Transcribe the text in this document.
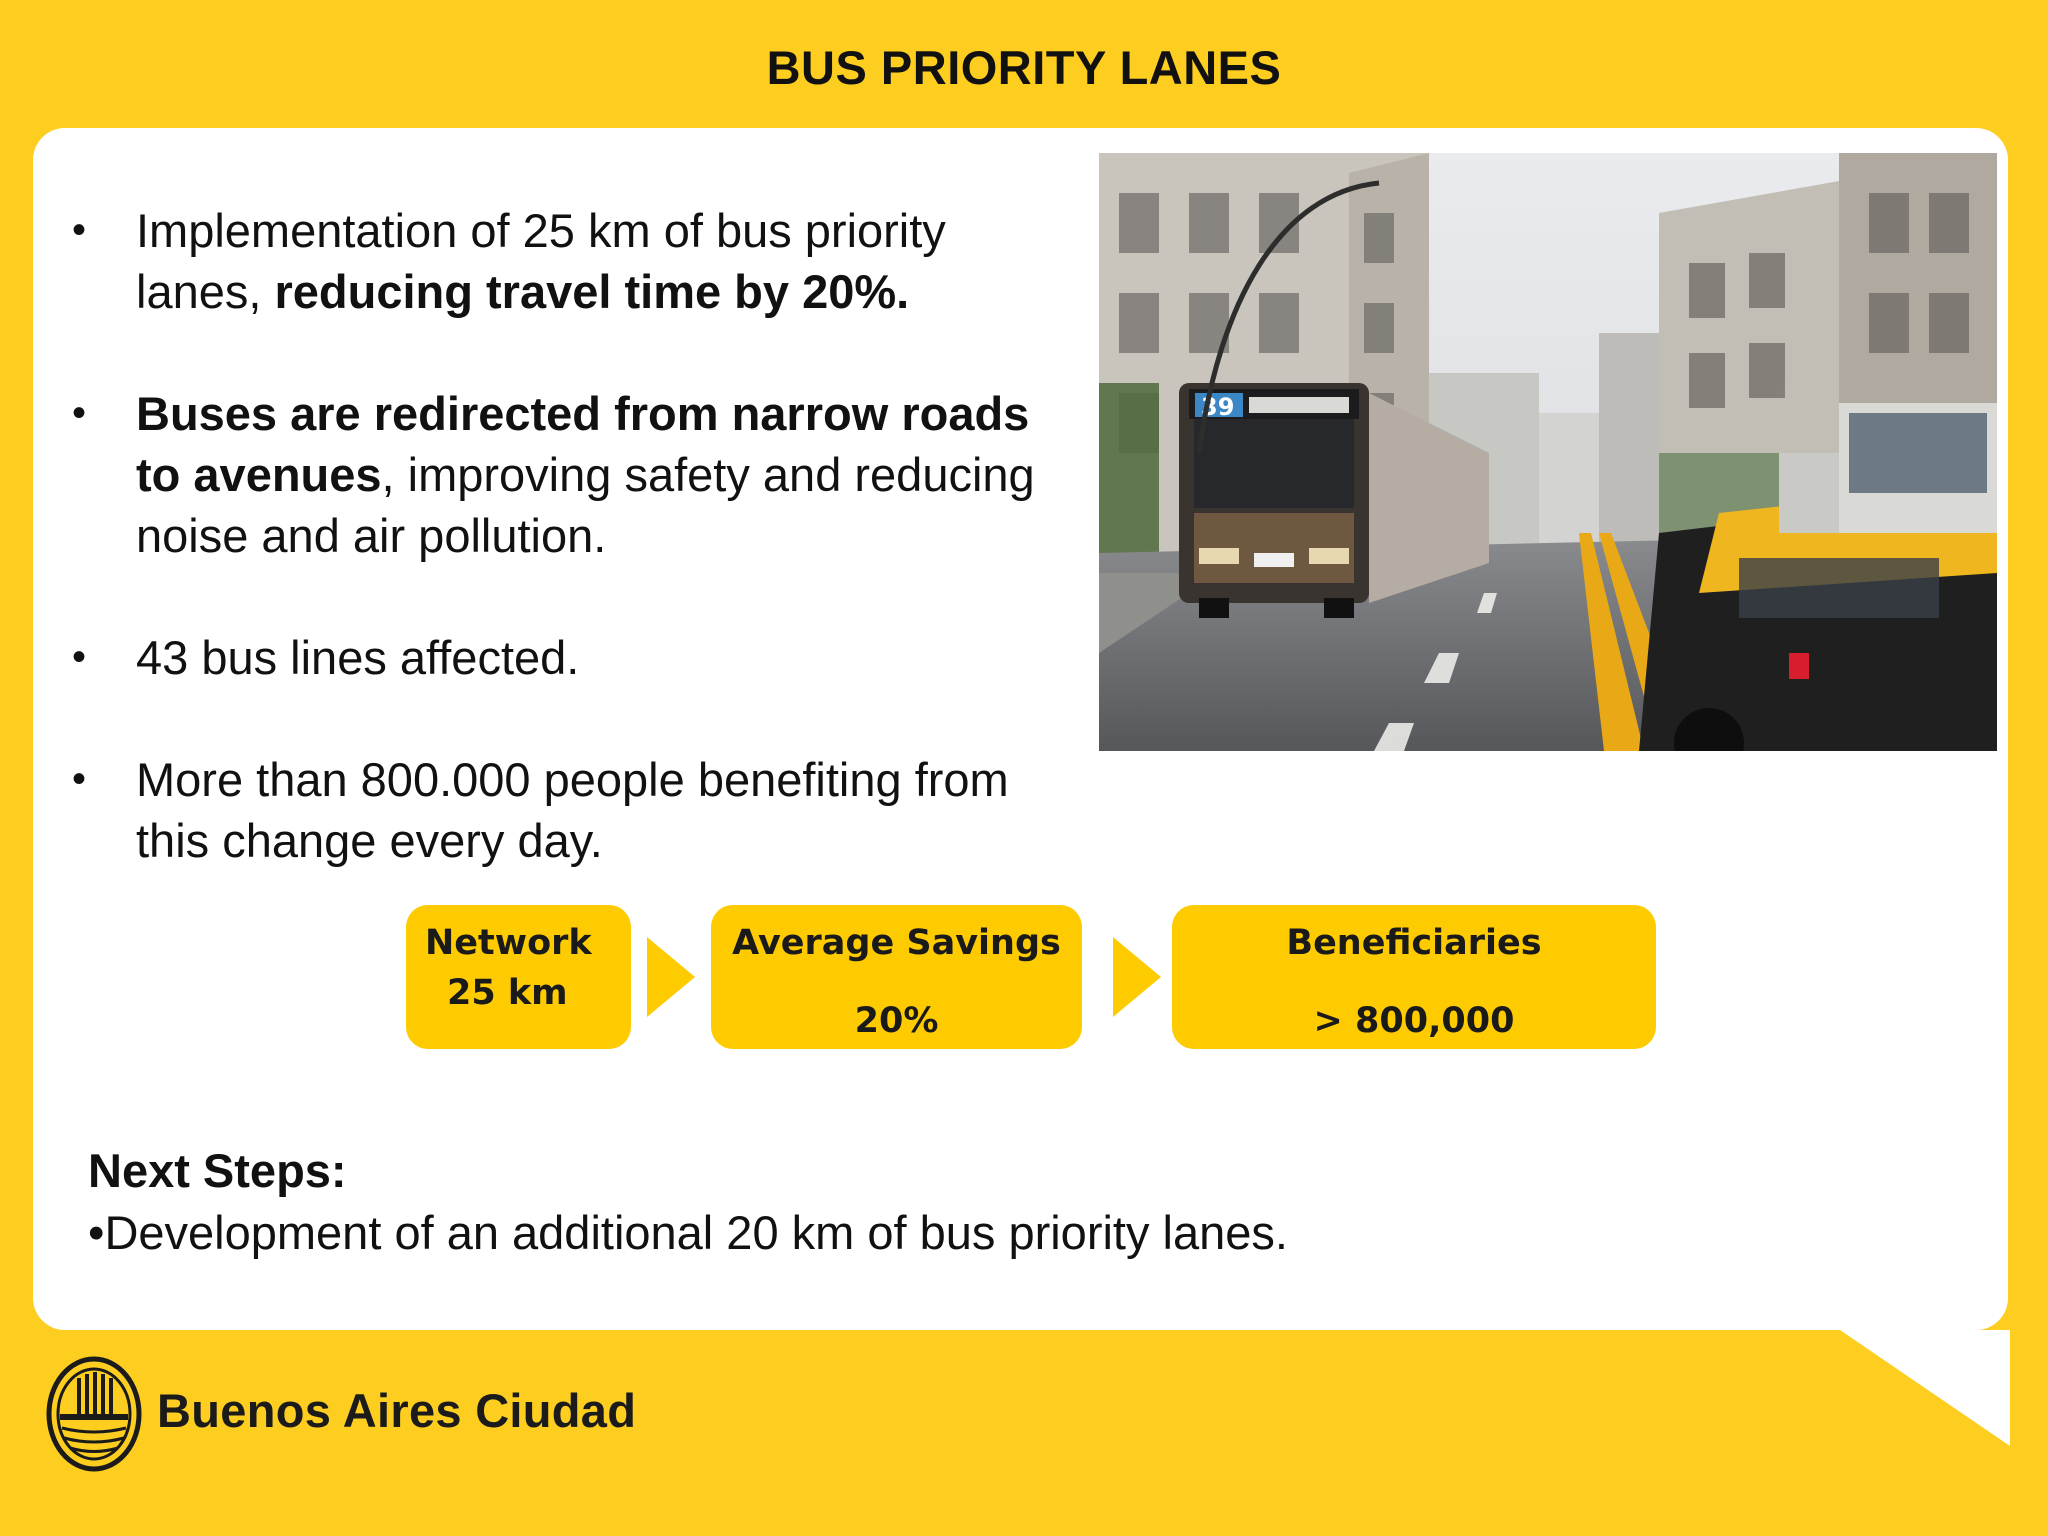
BUS PRIORITY LANES
• Implementation of 25 km of bus priority lanes, reducing travel time by 20%.
• Buses are redirected from narrow roads to avenues, improving safety and reducing noise and air pollution.
• 43 bus lines affected.
• More than 800.000 people benefiting from this change every day.
39
Network
25 km
Average Savings
20%
Beneficiaries
> 800,000
Next Steps:
•Development of an additional 20 km of bus priority lanes.
Buenos Aires Ciudad
